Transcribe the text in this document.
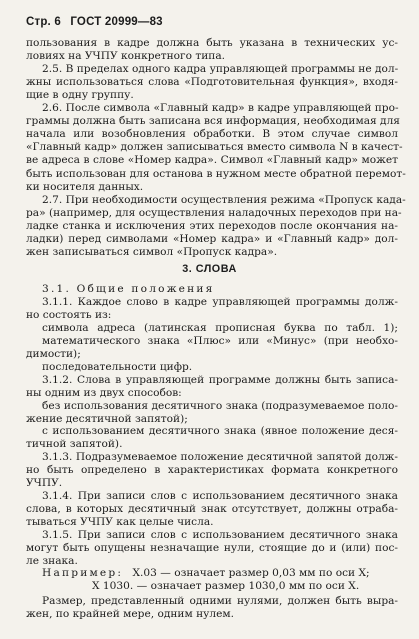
Стр. 6 ГОСТ 20999—83
пользования в кадре должна быть указана в технических ус-
ловиях на УЧПУ конкретного типа.
2.5. В пределах одного кадра управляющей программы не дол-
жны использоваться слова «Подготовительная функция», входя-
щие в одну группу.
2.6. После символа «Главный кадр» в кадре управляющей про-
граммы должна быть записана вся информация, необходимая для
начала или возобновления обработки. В этом случае символ
«Главный кадр» должен записываться вместо символа N в качест-
ве адреса в слове «Номер кадра». Символ «Главный кадр» может
быть использован для останова в нужном месте обратной перемот-
ки носителя данных.
2.7. При необходимости осуществления режима «Пропуск када-
ра» (например, для осуществления наладочных переходов при на-
ладке станка и исключения этих переходов после окончания на-
ладки) перед символами «Номер кадра» и «Главный кадр» дол-
жен записываться символ «Пропуск кадра».
3. СЛОВА
3.1. Общие положения
3.1.1. Каждое слово в кадре управляющей программы долж-
но состоять из:
символа адреса (латинская прописная буква по табл. 1);
математического знака «Плюс» или «Минус» (при необхо-
димости);
последовательности цифр.
3.1.2. Слова в управляющей программе должны быть записа-
ны одним из двух способов:
без использования десятичного знака (подразумеваемое поло-
жение десятичной запятой);
с использованием десятичного знака (явное положение деся-
тичной запятой).
3.1.3. Подразумеваемое положение десятичной запятой долж-
но быть определено в характеристиках формата конкретного
УЧПУ.
3.1.4. При записи слов с использованием десятичного знака
слова, в которых десятичный знак отсутствует, должны отраба-
тываться УЧПУ как целые числа.
3.1.5. При записи слов с использованием десятичного знака
могут быть опущены незначащие нули, стоящие до и (или) пос-
ле знака.
Например: X.03 — означает размер 0,03 мм по оси X;
X 1030. — означает размер 1030,0 мм по оси X.
Размер, представленный одними нулями, должен быть выра-
жен, по крайней мере, одним нулем.
